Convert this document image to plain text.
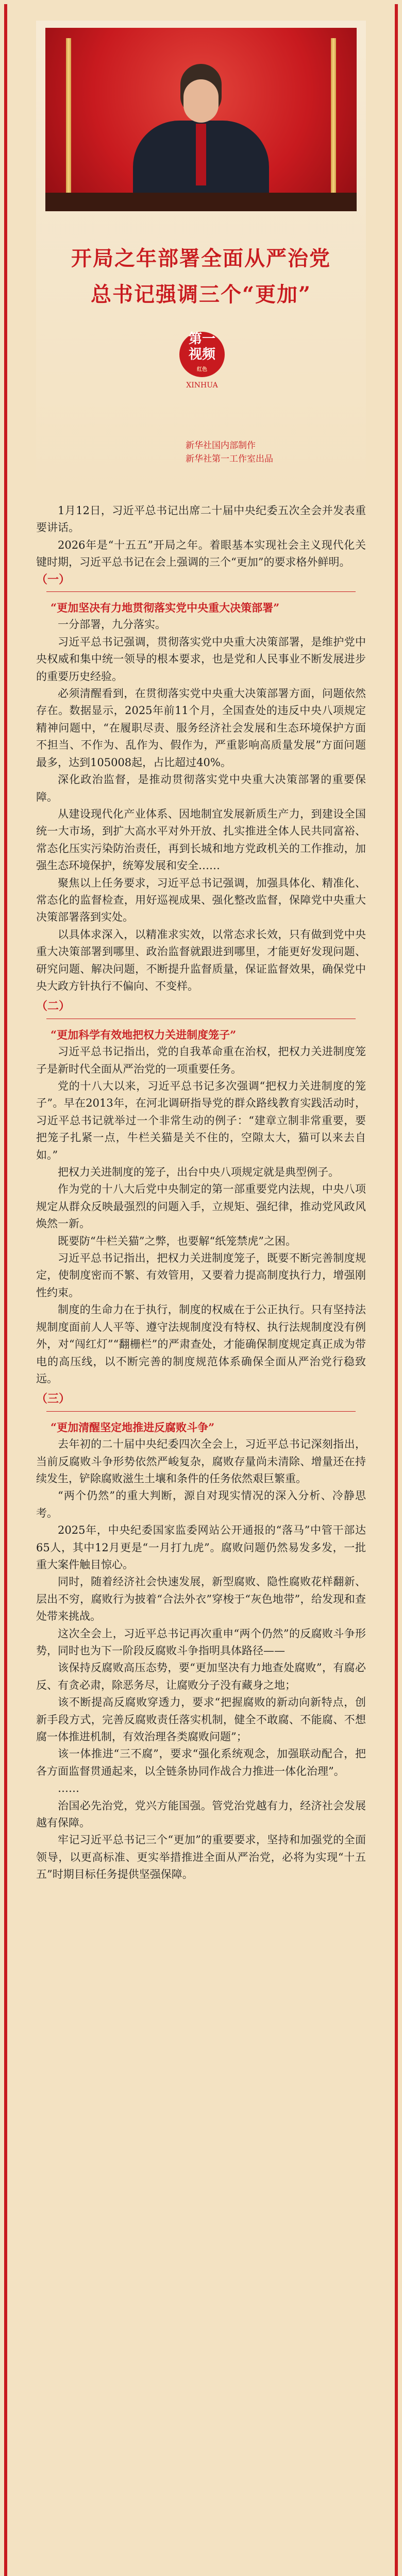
开局之年部署全面从严治党
总书记强调三个“更加”
第一
视频
红色
XINHUA
新华社国内部制作
新华社第一工作室出品

1月12日，习近平总书记出席二十届中央纪委五次全会并发表重要讲话。

2026年是“十五五”开局之年。着眼基本实现社会主义现代化关键时期，习近平总书记在会上强调的三个“更加”的要求格外鲜明。

（一）

“更加坚决有力地贯彻落实党中央重大决策部署”

一分部署，九分落实。

习近平总书记强调，贯彻落实党中央重大决策部署，是维护党中央权威和集中统一领导的根本要求，也是党和人民事业不断发展进步的重要历史经验。

必须清醒看到，在贯彻落实党中央重大决策部署方面，问题依然存在。数据显示，2025年前11个月，全国查处的违反中央八项规定精神问题中，“在履职尽责、服务经济社会发展和生态环境保护方面不担当、不作为、乱作为、假作为，严重影响高质量发展”方面问题最多，达到105008起，占比超过40%。

深化政治监督，是推动贯彻落实党中央重大决策部署的重要保障。

从建设现代化产业体系、因地制宜发展新质生产力，到建设全国统一大市场，到扩大高水平对外开放、扎实推进全体人民共同富裕、常态化压实污染防治责任，再到长城和地方党政机关的工作推动，加强生态环境保护，统筹发展和安全……

聚焦以上任务要求，习近平总书记强调，加强具体化、精准化、常态化的监督检查，用好巡视成果、强化整改监督，保障党中央重大决策部署落到实处。

以具体求深入，以精准求实效，以常态求长效，只有做到党中央重大决策部署到哪里、政治监督就跟进到哪里，才能更好发现问题、研究问题、解决问题，不断提升监督质量，保证监督效果，确保党中央大政方针执行不偏向、不变样。

（二）

“更加科学有效地把权力关进制度笼子”

习近平总书记指出，党的自我革命重在治权，把权力关进制度笼子是新时代全面从严治党的一项重要任务。

党的十八大以来，习近平总书记多次强调“把权力关进制度的笼子”。早在2013年，在河北调研指导党的群众路线教育实践活动时，习近平总书记就举过一个非常生动的例子：“建章立制非常重要，要把笼子扎紧一点，牛栏关猫是关不住的，空隙太大，猫可以来去自如。”

把权力关进制度的笼子，出台中央八项规定就是典型例子。

作为党的十八大后党中央制定的第一部重要党内法规，中央八项规定从群众反映最强烈的问题入手，立规矩、强纪律，推动党风政风焕然一新。

既要防“牛栏关猫”之弊，也要解“纸笼禁虎”之困。

习近平总书记指出，把权力关进制度笼子，既要不断完善制度规定，使制度密而不繁、有效管用，又要着力提高制度执行力，增强刚性约束。

制度的生命力在于执行，制度的权威在于公正执行。只有坚持法规制度面前人人平等、遵守法规制度没有特权、执行法规制度没有例外，对“闯红灯”“翻栅栏”的严肃查处，才能确保制度规定真正成为带电的高压线，以不断完善的制度规范体系确保全面从严治党行稳致远。

（三）

“更加清醒坚定地推进反腐败斗争”

去年初的二十届中央纪委四次全会上，习近平总书记深刻指出，当前反腐败斗争形势依然严峻复杂，腐败存量尚未清除、增量还在持续发生，铲除腐败滋生土壤和条件的任务依然艰巨繁重。

“两个仍然”的重大判断，源自对现实情况的深入分析、冷静思考。

2025年，中央纪委国家监委网站公开通报的“落马”中管干部达65人，其中12月更是“一月打九虎”。腐败问题仍然易发多发，一批重大案件触目惊心。

同时，随着经济社会快速发展，新型腐败、隐性腐败花样翻新、层出不穷，腐败行为披着“合法外衣”穿梭于“灰色地带”，给发现和查处带来挑战。

这次全会上，习近平总书记再次重申“两个仍然”的反腐败斗争形势，同时也为下一阶段反腐败斗争指明具体路径——

该保持反腐败高压态势，要“更加坚决有力地查处腐败”，有腐必反、有贪必肃，除恶务尽，让腐败分子没有藏身之地；

该不断提高反腐败穿透力，要求“把握腐败的新动向新特点，创新手段方式，完善反腐败责任落实机制，健全不敢腐、不能腐、不想腐一体推进机制，有效治理各类腐败问题”；

该一体推进“三不腐”，要求“强化系统观念，加强联动配合，把各方面监督贯通起来，以全链条协同作战合力推进一体化治理”。

……

治国必先治党，党兴方能国强。管党治党越有力，经济社会发展越有保障。

牢记习近平总书记三个“更加”的重要要求，坚持和加强党的全面领导，以更高标准、更实举措推进全面从严治党，必将为实现“十五五”时期目标任务提供坚强保障。
